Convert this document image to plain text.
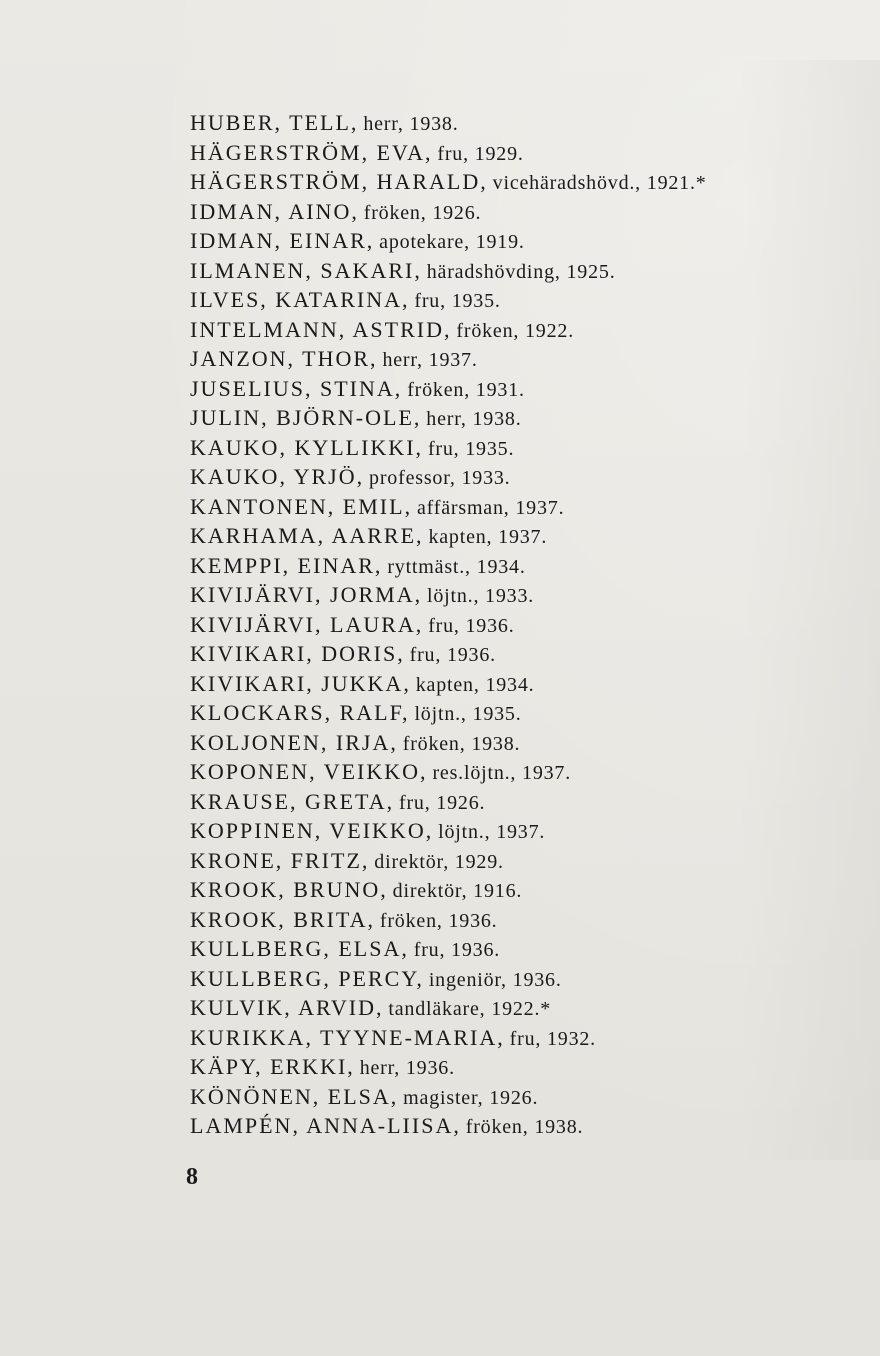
HUBER, TELL, herr, 1938.
HÄGERSTRÖM, EVA, fru, 1929.
HÄGERSTRÖM, HARALD, vicehäradshövd., 1921.*
IDMAN, AINO, fröken, 1926.
IDMAN, EINAR, apotekare, 1919.
ILMANEN, SAKARI, häradshövding, 1925.
ILVES, KATARINA, fru, 1935.
INTELMANN, ASTRID, fröken, 1922.
JANZON, THOR, herr, 1937.
JUSELIUS, STINA, fröken, 1931.
JULIN, BJÖRN-OLE, herr, 1938.
KAUKO, KYLLIKKI, fru, 1935.
KAUKO, YRJÖ, professor, 1933.
KANTONEN, EMIL, affärsman, 1937.
KARHAMA, AARRE, kapten, 1937.
KEMPPI, EINAR, ryttmäst., 1934.
KIVIJÄRVI, JORMA, löjtn., 1933.
KIVIJÄRVI, LAURA, fru, 1936.
KIVIKARI, DORIS, fru, 1936.
KIVIKARI, JUKKA, kapten, 1934.
KLOCKARS, RALF, löjtn., 1935.
KOLJONEN, IRJA, fröken, 1938.
KOPONEN, VEIKKO, res.löjtn., 1937.
KRAUSE, GRETA, fru, 1926.
KOPPINEN, VEIKKO, löjtn., 1937.
KRONE, FRITZ, direktör, 1929.
KROOK, BRUNO, direktör, 1916.
KROOK, BRITA, fröken, 1936.
KULLBERG, ELSA, fru, 1936.
KULLBERG, PERCY, ingeniör, 1936.
KULVIK, ARVID, tandläkare, 1922.*
KURIKKA, TYYNE-MARIA, fru, 1932.
KÄPY, ERKKI, herr, 1936.
KÖNÖNEN, ELSA, magister, 1926.
LAMPÉN, ANNA-LIISA, fröken, 1938.
8
